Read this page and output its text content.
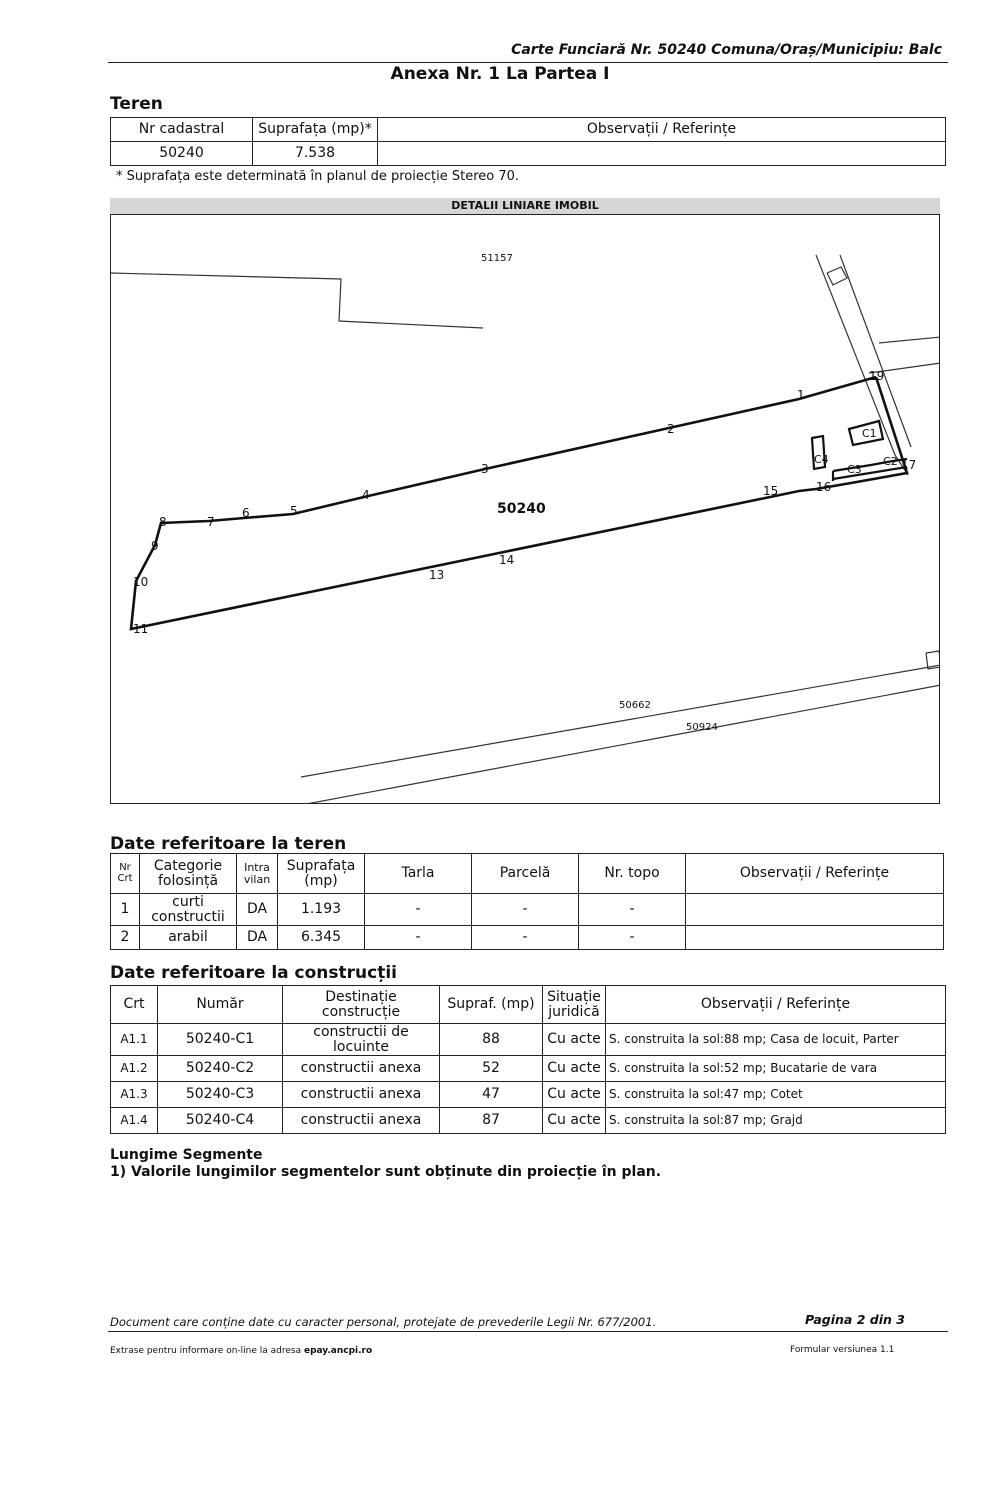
Carte Funciară Nr. 50240 Comuna/Oraș/Municipiu: Balc
Anexa Nr. 1 La Partea I
Teren
Nr cadastral	Suprafața (mp)*	Observații / Referințe
50240	7.538	
* Suprafața este determinată în planul de proiecție Stereo 70.
DETALII LINIARE IMOBIL
51157
50240
50662
50924
1
2
3
4
5
6
7
8
9
10
11
13
14
15	16
17
19
C1
C2
C3
C4
Date referitoare la teren
Nr Crt	Categorie folosință	Intra vilan	Suprafața (mp)	Tarla	Parcelă	Nr. topo	Observații / Referințe
1	curti constructii	DA	1.193	-	-	-	
2	arabil	DA	6.345	-	-	-	
Date referitoare la construcții
Crt	Număr	Destinație construcție	Supraf. (mp)	Situație juridică	Observații / Referințe
A1.1	50240-C1	constructii de locuinte	88	Cu acte	S. construita la sol:88 mp; Casa de locuit, Parter
A1.2	50240-C2	constructii anexa	52	Cu acte	S. construita la sol:52 mp; Bucatarie de vara
A1.3	50240-C3	constructii anexa	47	Cu acte	S. construita la sol:47 mp; Cotet
A1.4	50240-C4	constructii anexa	87	Cu acte	S. construita la sol:87 mp; Grajd
Lungime Segmente
1) Valorile lungimilor segmentelor sunt obținute din proiecție în plan.
Document care conține date cu caracter personal, protejate de prevederile Legii Nr. 677/2001.	Pagina 2 din 3
Extrase pentru informare on-line la adresa epay.ancpi.ro	Formular versiunea 1.1
